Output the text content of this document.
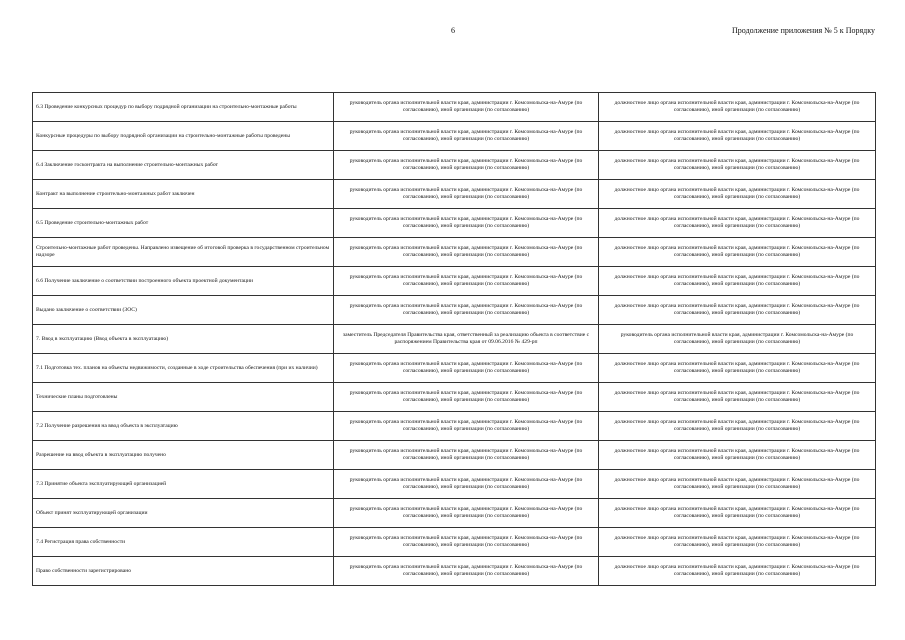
6	Продолжение приложения № 5 к Порядку
6.3 Проведение конкурсных процедур по выбору подрядной организации на строительно-монтажные работы	руководитель органа исполнительной власти края, администрации г. Комсомольска-на-Амуре (по согласованию), иной организации (по согласованию)	должностное лицо органа исполнительной власти края, администрации г. Комсомольска-на-Амуре (по согласованию), иной организации (по согласованию)
Конкурсные процедуры по выбору подрядной организации на строительно-монтажные работы проведены	руководитель органа исполнительной власти края, администрации г. Комсомольска-на-Амуре (по согласованию), иной организации (по согласованию)	должностное лицо органа исполнительной власти края, администрации г. Комсомольска-на-Амуре (по согласованию), иной организации (по согласованию)
6.4 Заключение госконтракта на выполнение строительно-монтажных работ	руководитель органа исполнительной власти края, администрации г. Комсомольска-на-Амуре (по согласованию), иной организации (по согласованию)	должностное лицо органа исполнительной власти края, администрации г. Комсомольска-на-Амуре (по согласованию), иной организации (по согласованию)
Контракт на выполнение строительно-монтажных работ заключен	руководитель органа исполнительной власти края, администрации г. Комсомольска-на-Амуре (по согласованию), иной организации (по согласованию)	должностное лицо органа исполнительной власти края, администрации г. Комсомольска-на-Амуре (по согласованию), иной организации (по согласованию)
6.5 Проведение строительно-монтажных работ	руководитель органа исполнительной власти края, администрации г. Комсомольска-на-Амуре (по согласованию), иной организации (по согласованию)	должностное лицо органа исполнительной власти края, администрации г. Комсомольска-на-Амуре (по согласованию), иной организации (по согласованию)
Строительно-монтажные работ проведены. Направлено извещение об итоговой проверка в государственном строительном надзоре	руководитель органа исполнительной власти края, администрации г. Комсомольска-на-Амуре (по согласованию), иной организации (по согласованию)	должностное лицо органа исполнительной власти края, администрации г. Комсомольска-на-Амуре (по согласованию), иной организации (по согласованию)
6.6 Получение заключение о соответствии построенного объекта проектной документации	руководитель органа исполнительной власти края, администрации г. Комсомольска-на-Амуре (по согласованию), иной организации (по согласованию)	должностное лицо органа исполнительной власти края, администрации г. Комсомольска-на-Амуре (по согласованию), иной организации (по согласованию)
Выдано заключение о соответствии (ЗОС)	руководитель органа исполнительной власти края, администрации г. Комсомольска-на-Амуре (по согласованию), иной организации (по согласованию)	должностное лицо органа исполнительной власти края, администрации г. Комсомольска-на-Амуре (по согласованию), иной организации (по согласованию)
7. Ввод в эксплуатацию (Ввод объекта в эксплуатацию)	заместитель Председателя Правительства края, ответственный за реализацию объекта в соответствие с распоряжением Правительства края от 09.06.2016 № 429-рп	руководитель органа исполнительной власти края, администрации г. Комсомольска-на-Амуре (по согласованию), иной организации (по согласованию)
7.1 Подготовка тех. планов на объекты недвижимости, созданные в ходе строительства обеспечения (при их наличии)	руководитель органа исполнительной власти края, администрации г. Комсомольска-на-Амуре (по согласованию), иной организации (по согласованию)	должностное лицо органа исполнительной власти края, администрации г. Комсомольска-на-Амуре (по согласованию), иной организации (по согласованию)
Технические планы подготовлены	руководитель органа исполнительной власти края, администрации г. Комсомольска-на-Амуре (по согласованию), иной организации (по согласованию)	должностное лицо органа исполнительной власти края, администрации г. Комсомольска-на-Амуре (по согласованию), иной организации (по согласованию)
7.2 Получение разрешения на ввод объекта в эксплуатацию	руководитель органа исполнительной власти края, администрации г. Комсомольска-на-Амуре (по согласованию), иной организации (по согласованию)	должностное лицо органа исполнительной власти края, администрации г. Комсомольска-на-Амуре (по согласованию), иной организации (по согласованию)
Разрешение на ввод объекта в эксплуатацию получено	руководитель органа исполнительной власти края, администрации г. Комсомольска-на-Амуре (по согласованию), иной организации (по согласованию)	должностное лицо органа исполнительной власти края, администрации г. Комсомольска-на-Амуре (по согласованию), иной организации (по согласованию)
7.3 Принятие объекта эксплуатирующей организацией	руководитель органа исполнительной власти края, администрации г. Комсомольска-на-Амуре (по согласованию), иной организации (по согласованию)	должностное лицо органа исполнительной власти края, администрации г. Комсомольска-на-Амуре (по согласованию), иной организации (по согласованию)
Объект принят эксплуатирующей организации	руководитель органа исполнительной власти края, администрации г. Комсомольска-на-Амуре (по согласованию), иной организации (по согласованию)	должностное лицо органа исполнительной власти края, администрации г. Комсомольска-на-Амуре (по согласованию), иной организации (по согласованию)
7.4 Регистрация права собственности	руководитель органа исполнительной власти края, администрации г. Комсомольска-на-Амуре (по согласованию), иной организации (по согласованию)	должностное лицо органа исполнительной власти края, администрации г. Комсомольска-на-Амуре (по согласованию), иной организации (по согласованию)
Право собственности зарегистрировано	руководитель органа исполнительной власти края, администрации г. Комсомольска-на-Амуре (по согласованию), иной организации (по согласованию)	должностное лицо органа исполнительной власти края, администрации г. Комсомольска-на-Амуре (по согласованию), иной организации (по согласованию)
